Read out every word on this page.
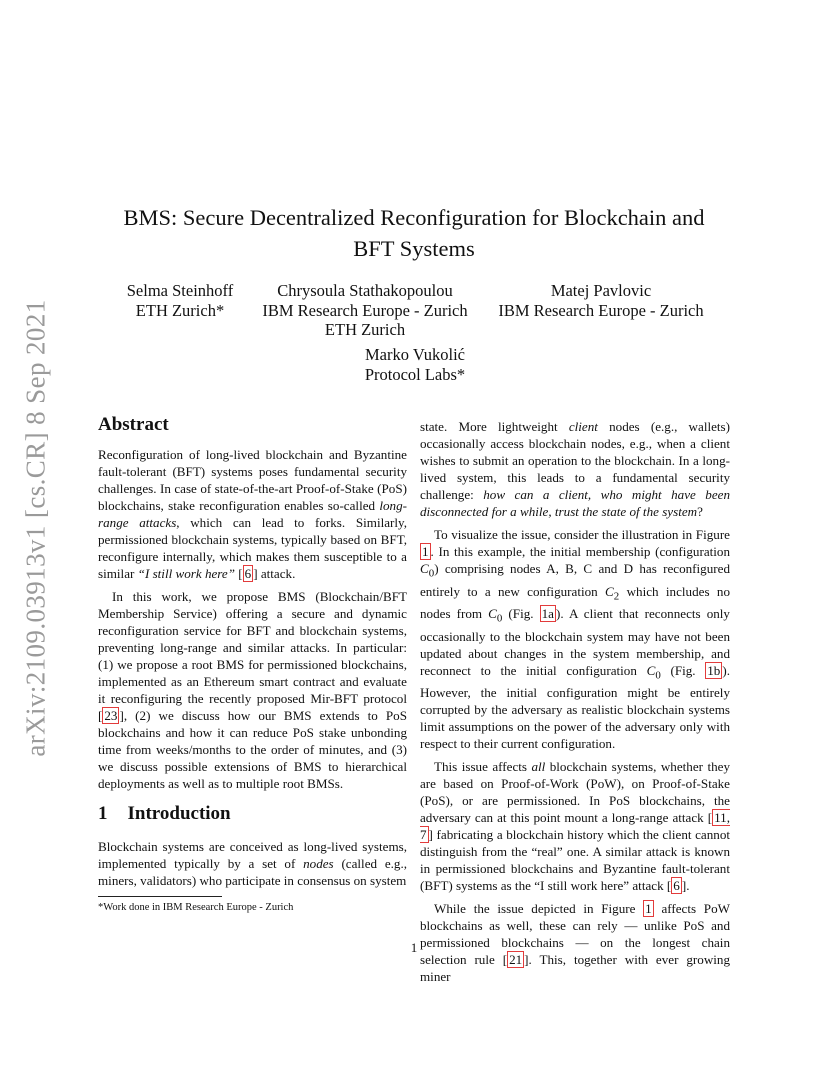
arXiv:2109.03913v1 [cs.CR] 8 Sep 2021
BMS: Secure Decentralized Reconfiguration for Blockchain and
BFT Systems
Selma Steinhoff
ETH Zurich*
Chrysoula Stathakopoulou
IBM Research Europe - Zurich
ETH Zurich
Matej Pavlovic
IBM Research Europe - Zurich
Marko Vukolić
Protocol Labs*
Abstract

Reconfiguration of long-lived blockchain and Byzantine fault-tolerant (BFT) systems poses fundamental security challenges. In case of state-of-the-art Proof-of-Stake (PoS) blockchains, stake reconfiguration enables so-called long-range attacks, which can lead to forks. Similarly, permissioned blockchain systems, typically based on BFT, reconfigure internally, which makes them susceptible to a similar “I still work here” [ 6 ] attack.

In this work, we propose BMS (Blockchain/BFT Membership Service) offering a secure and dynamic reconfiguration service for BFT and blockchain systems, preventing long-range and similar attacks. In particular: (1) we propose a root BMS for permissioned blockchains, implemented as an Ethereum smart contract and evaluate it reconfiguring the recently proposed Mir-BFT protocol [ 23 ], (2) we discuss how our BMS extends to PoS blockchains and how it can reduce PoS stake unbonding time from weeks/months to the order of minutes, and (3) we discuss possible extensions of BMS to hierarchical deployments as well as to multiple root BMSs.

1 Introduction

Blockchain systems are conceived as long-lived systems, implemented typically by a set of nodes (called e.g., miners, validators) who participate in consensus on system

*Work done in IBM Research Europe - Zurich

state. More lightweight client nodes (e.g., wallets) occasionally access blockchain nodes, e.g., when a client wishes to submit an operation to the blockchain. In a long-lived system, this leads to a fundamental security challenge: how can a client, who might have been disconnected for a while, trust the state of the system?

To visualize the issue, consider the illustration in Figure 1 . In this example, the initial membership (configuration $C_0$) comprising nodes A, B, C and D has reconfigured entirely to a new configuration $C_2$ which includes no nodes from $C_0$ (Fig. 1a ). A client that reconnects only occasionally to the blockchain system may have not been updated about changes in the system membership, and reconnect to the initial configuration $C_0$ (Fig. 1b ). However, the initial configuration might be entirely corrupted by the adversary as realistic blockchain systems limit assumptions on the power of the adversary only with respect to their current configuration.

This issue affects all blockchain systems, whether they are based on Proof-of-Work (PoW), on Proof-of-Stake (PoS), or are permissioned. In PoS blockchains, the adversary can at this point mount a long-range attack [ 11, 7 ] fabricating a blockchain history which the client cannot distinguish from the “real” one. A similar attack is known in permissioned blockchains and Byzantine fault-tolerant (BFT) systems as the “I still work here” attack [ 6 ].

While the issue depicted in Figure 1 affects PoW blockchains as well, these can rely — unlike PoS and permissioned blockchains — on the longest chain selection rule [ 21 ]. This, together with ever growing miner

1
